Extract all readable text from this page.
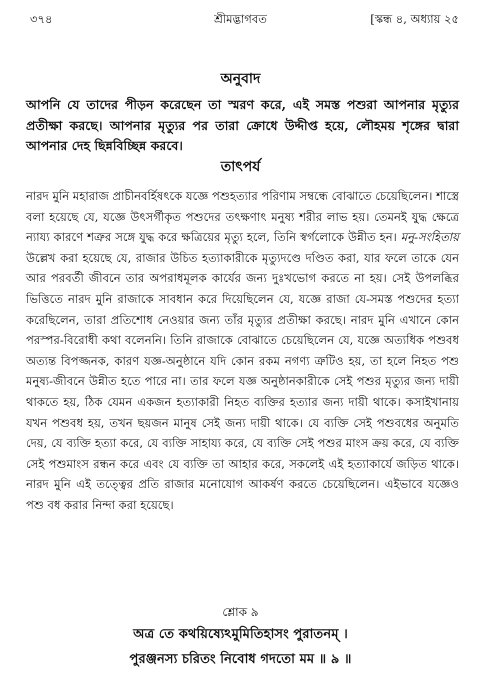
৩৭৪	শ্রীমদ্ভাগবত	[স্কন্ধ ৪, অধ্যায় ২৫
অনুবাদ

আপনি যে তাদের পীড়ন করেছেন তা স্মরণ করে, এই সমস্ত পশুরা আপনার মৃত্যুর প্রতীক্ষা করছে। আপনার মৃত্যুর পর তারা ক্রোধে উদ্দীপ্ত হয়ে, লৌহময় শৃঙ্গের দ্বারা আপনার দেহ ছিন্নবিচ্ছিন্ন করবে।

তাৎপর্য

নারদ মুনি মহারাজ প্রাচীনবর্হিষৎকে যজ্ঞে পশুহত্যার পরিণাম সম্বন্ধে বোঝাতে চেয়েছিলেন। শাস্ত্রে বলা হয়েছে যে, যজ্ঞে উৎসর্গীকৃত পশুদের তৎক্ষণাৎ মনুষ্য শরীর লাভ হয়। তেমনই যুদ্ধ ক্ষেত্রে ন্যায্য কারণে শত্রুর সঙ্গে যুদ্ধ করে ক্ষত্রিয়ের মৃত্যু হলে, তিনি স্বর্গলোকে উন্নীত হন। মনু-সংহিতায় উল্লেখ করা হয়েছে যে, রাজার উচিত হত্যাকারীকে মৃত্যুদণ্ডে দণ্ডিত করা, যার ফলে তাকে যেন আর পরবর্তী জীবনে তার অপরাধমূলক কার্যের জন্য দুঃখভোগ করতে না হয়। সেই উপলব্ধির ভিত্তিতে নারদ মুনি রাজাকে সাবধান করে দিয়েছিলেন যে, যজ্ঞে রাজা যে-সমস্ত পশুদের হত্যা করেছিলেন, তারা প্রতিশোধ নেওয়ার জন্য তাঁর মৃত্যুর প্রতীক্ষা করছে। নারদ মুনি এখানে কোন পরস্পর-বিরোধী কথা বলেননি। তিনি রাজাকে বোঝাতে চেয়েছিলেন যে, যজ্ঞে অত্যধিক পশুবধ অত্যন্ত বিপজ্জনক, কারণ যজ্ঞ-অনুষ্ঠানে যদি কোন রকম নগণ্য ত্রুটিও হয়, তা হলে নিহত পশু মনুষ্য-জীবনে উন্নীত হতে পারে না। তার ফলে যজ্ঞ অনুষ্ঠানকারীকে সেই পশুর মৃত্যুর জন্য দায়ী থাকতে হয়, ঠিক যেমন একজন হত্যাকারী নিহত ব্যক্তির হত্যার জন্য দায়ী থাকে। কসাইখানায় যখন পশুবধ হয়, তখন ছয়জন মানুষ সেই জন্য দায়ী থাকে। যে ব্যক্তি সেই পশুবধের অনুমতি দেয়, যে ব্যক্তি হত্যা করে, যে ব্যক্তি সাহায্য করে, যে ব্যক্তি সেই পশুর মাংস ক্রয় করে, যে ব্যক্তি সেই পশুমাংস রন্ধন করে এবং যে ব্যক্তি তা আহার করে, সকলেই এই হত্যাকার্যে জড়িত থাকে। নারদ মুনি এই তত্ত্বের প্রতি রাজার মনোযোগ আকর্ষণ করতে চেয়েছিলেন। এইভাবে যজ্ঞেও পশু বধ করার নিন্দা করা হয়েছে।

শ্লোক ৯
অত্র তে কথয়িষ্যেঽমুমিতিহাসং পুরাতনম্ ।
পুরঞ্জনস্য চরিতং নিবোধ গদতো মম ॥ ৯ ॥
